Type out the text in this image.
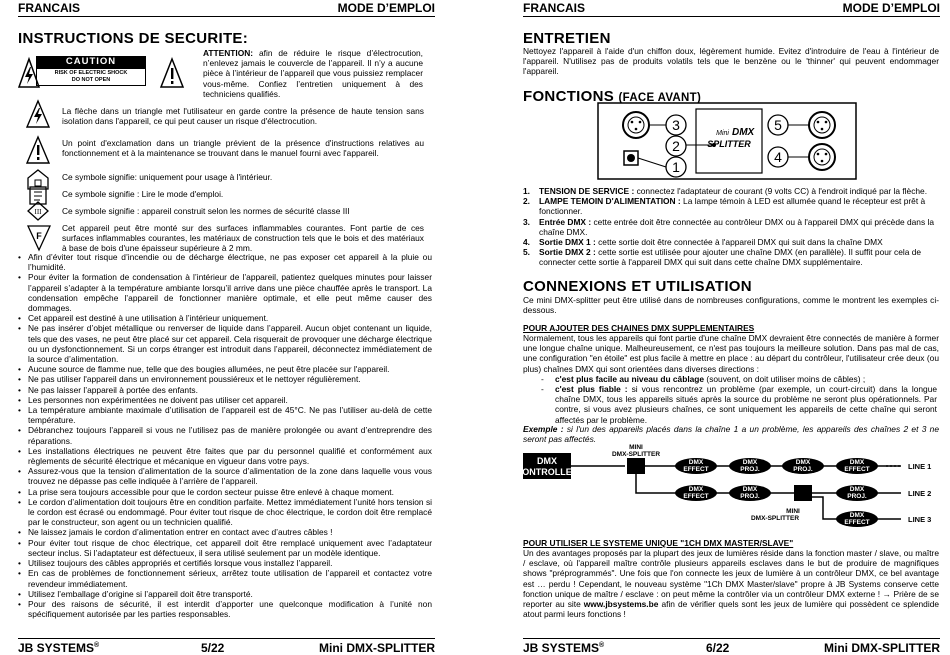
FRANCAIS	MODE D’EMPLOI
INSTRUCTIONS DE SECURITE:
CAUTION
RISK OF ELECTRIC SHOCK
DO NOT OPEN
ATTENTION: afin de réduire le risque d’électrocution, n’enlevez jamais le couvercle de l’appareil. Il n’y a aucune pièce à l’intérieur de l’appareil que vous puissiez remplacer vous-même. Confiez l’entretien uniquement à des techniciens qualifiés.
La flèche dans un triangle met l'utilisateur en garde contre la présence de haute tension sans isolation dans l'appareil, ce qui peut causer un risque d'électrocution.
Un point d'exclamation dans un triangle prévient de la présence d'instructions relatives au fonctionnement et à la maintenance se trouvant dans le manuel fourni avec l'appareil.
Ce symbole signifie: uniquement pour usage à l'intérieur.
Ce symbole signifie : Lire le mode d'emploi.
III Ce symbole signifie : appareil construit selon les normes de sécurité classe III
F
Cet appareil peut être monté sur des surfaces inflammables courantes. Font partie de ces surfaces inflammables courantes, les matériaux de construction tels que le bois et des matériaux à base de bois d'une épaisseur supérieure à 2 mm.
• Afin d’éviter tout risque d’incendie ou de décharge électrique, ne pas exposer cet appareil à la pluie ou l’humidité.
• Pour éviter la formation de condensation à l’intérieur de l’appareil, patientez quelques minutes pour laisser l’appareil s’adapter à la température ambiante lorsqu’il arrive dans une pièce chauffée après le transport. La condensation empêche l’appareil de fonctionner manière optimale, et elle peut même causer des dommages.
• Cet appareil est destiné à une utilisation à l’intérieur uniquement.
• Ne pas insérer d’objet métallique ou renverser de liquide dans l’appareil. Aucun objet contenant un liquide, tels que des vases, ne peut être placé sur cet appareil. Cela risquerait de provoquer une décharge électrique ou un dysfonctionnement. Si un corps étranger est introduit dans l’appareil, déconnectez immédiatement de la source d’alimentation.
• Aucune source de flamme nue, telle que des bougies allumées, ne peut être placée sur l'appareil.
• Ne pas utiliser l'appareil dans un environnement poussiéreux et le nettoyer régulièrement.
• Ne pas laisser l’appareil à portée des enfants.
• Les personnes non expérimentées ne doivent pas utiliser cet appareil.
• La température ambiante maximale d’utilisation de l’appareil est de 45°C. Ne pas l’utiliser au-delà de cette température.
• Débranchez toujours l’appareil si vous ne l’utilisez pas de manière prolongée ou avant d’entreprendre des réparations.
• Les installations électriques ne peuvent être faites que par du personnel qualifié et conformément aux règlements de sécurité électrique et mécanique en vigueur dans votre pays.
• Assurez-vous que la tension d’alimentation de la source d’alimentation de la zone dans laquelle vous vous trouvez ne dépasse pas celle indiquée à l’arrière de l’appareil.
• La prise sera toujours accessible pour que le cordon secteur puisse être enlevé à chaque moment.
• Le cordon d’alimentation doit toujours être en condition parfaite. Mettez immédiatement l’unité hors tension si le cordon est écrasé ou endommagé. Pour éviter tout risque de choc électrique, le cordon doit être remplacé par le constructeur, son agent ou un technicien qualifié.
• Ne laissez jamais le cordon d’alimentation entrer en contact avec d’autres câbles !
• Pour éviter tout risque de choc électrique, cet appareil doit être remplacé uniquement avec l’adaptateur secteur inclus. Si l’adaptateur est défectueux, il sera utilisé seulement par un modèle identique.
• Utilisez toujours des câbles appropriés et certifiés lorsque vous installez l’appareil.
• En cas de problèmes de fonctionnement sérieux, arrêtez toute utilisation de l’appareil et contactez votre revendeur immédiatement.
• Utilisez l’emballage d’origine si l’appareil doit être transporté.
• Pour des raisons de sécurité, il est interdit d’apporter une quelconque modification à l’unité non spécifiquement autorisée par les parties responsables.
JB SYSTEMS®	5/22	Mini DMX-SPLITTER
FRANCAIS	MODE D’EMPLOI
ENTRETIEN
Nettoyez l'appareil à l'aide d'un chiffon doux, légèrement humide. Evitez d'introduire de l'eau à l'intérieur de l'appareil. N'utilisez pas de produits volatils tels que le benzène ou le 'thinner' qui peuvent endommager l'appareil.
FONCTIONS (FACE AVANT)
Mini DMX
SPLITTER
3
2
1
5
4
1. TENSION DE SERVICE : connectez l'adaptateur de courant (9 volts CC) à l'endroit indiqué par la flèche.
2. LAMPE TEMOIN D'ALIMENTATION : La lampe témoin à LED est allumée quand le récepteur est prêt à fonctionner.
3. Entrée DMX : cette entrée doit être connectée au contrôleur DMX ou à l'appareil DMX qui précède dans la chaîne DMX.
4. Sortie DMX 1 : cette sortie doit être connectée à l'appareil DMX qui suit dans la chaîne DMX
5. Sortie DMX 2 : cette sortie est utilisée pour ajouter une chaîne DMX (en parallèle). Il suffit pour cela de connecter cette sortie à l'appareil DMX qui suit dans cette chaîne DMX supplémentaire.
CONNEXIONS ET UTILISATION
Ce mini DMX-splitter peut être utilisé dans de nombreuses configurations, comme le montrent les exemples ci-dessous.
POUR AJOUTER DES CHAINES DMX SUPPLEMENTAIRES
Normalement, tous les appareils qui font partie d'une chaîne DMX devraient être connectés de manière à former une longue chaîne unique. Malheureusement, ce n'est pas toujours la meilleure solution. Dans pas mal de cas, une configuration "en étoile" est plus facile à mettre en place : au départ du contrôleur, l'utilisateur crée deux (ou plus) chaînes DMX qui sont orientées dans diverses directions :
-	c'est plus facile au niveau du câblage (souvent, on doit utiliser moins de câbles) ;
-	c'est plus fiable : si vous rencontrez un problème (par exemple, un court-circuit) dans la longue chaîne DMX, tous les appareils situés après la source du problème ne seront plus opérationnels. Par contre, si vous avez plusieurs chaînes, ce sont uniquement les appareils de cette chaîne qui seront affectés par le problème.
Exemple : si l'un des appareils placés dans la chaîne 1 a un problème, les appareils des chaînes 2 et 3 ne seront pas affectés.
DMX
CONTROLLER
MINI
DMX-SPLITTER
DMX
EFFECT
DMX
PROJ.
DMX
PROJ.
DMX
EFFECT	LINE 1
DMX
EFFECT
DMX
PROJ.
DMX
PROJ.	LINE 2
MINI
DMX-SPLITTER	DMX
EFFECT	LINE 3
POUR UTILISER LE SYSTEME UNIQUE "1CH DMX MASTER/SLAVE"
Un des avantages proposés par la plupart des jeux de lumières réside dans la fonction master / slave, ou maître / esclave, où l'appareil maître contrôle plusieurs appareils esclaves dans le but de produire de magnifiques shows "préprogrammés". Une fois que l'on connecte les jeux de lumière à un contrôleur DMX, ce bel avantage est … perdu ! Cependant, le nouveau système "1Ch DMX Master/slave" propre à JB Systems conserve cette fonction unique de maître / esclave : on peut même la contrôler via un contrôleur DMX externe ! → Prière de se reporter au site www.jbsystems.be afin de vérifier quels sont les jeux de lumière qui possèdent ce splendide atout parmi leurs fonctions !
JB SYSTEMS®	6/22	Mini DMX-SPLITTER
